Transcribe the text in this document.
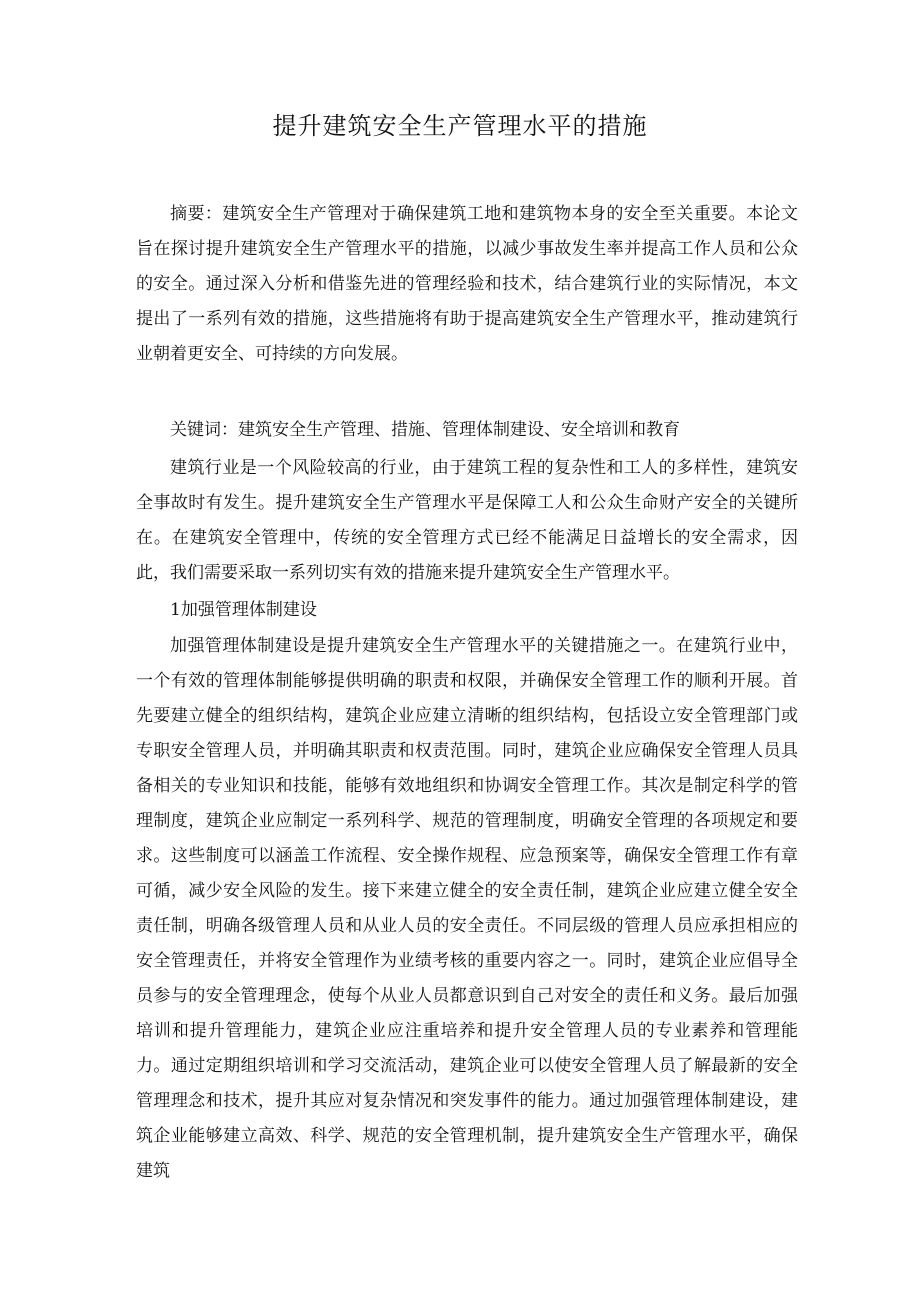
提升建筑安全生产管理水平的措施

摘要：建筑安全生产管理对于确保建筑工地和建筑物本身的安全至关重要。本论文旨在探讨提升建筑安全生产管理水平的措施，以减少事故发生率并提高工作人员和公众的安全。通过深入分析和借鉴先进的管理经验和技术，结合建筑行业的实际情况，本文提出了一系列有效的措施，这些措施将有助于提高建筑安全生产管理水平，推动建筑行业朝着更安全、可持续的方向发展。

关键词：建筑安全生产管理、措施、管理体制建设、安全培训和教育

建筑行业是一个风险较高的行业，由于建筑工程的复杂性和工人的多样性，建筑安全事故时有发生。提升建筑安全生产管理水平是保障工人和公众生命财产安全的关键所在。在建筑安全管理中，传统的安全管理方式已经不能满足日益增长的安全需求，因此，我们需要采取一系列切实有效的措施来提升建筑安全生产管理水平。

1加强管理体制建设

加强管理体制建设是提升建筑安全生产管理水平的关键措施之一。在建筑行业中，一个有效的管理体制能够提供明确的职责和权限，并确保安全管理工作的顺利开展。首先要建立健全的组织结构，建筑企业应建立清晰的组织结构，包括设立安全管理部门或专职安全管理人员，并明确其职责和权责范围。同时，建筑企业应确保安全管理人员具备相关的专业知识和技能，能够有效地组织和协调安全管理工作。其次是制定科学的管理制度，建筑企业应制定一系列科学、规范的管理制度，明确安全管理的各项规定和要求。这些制度可以涵盖工作流程、安全操作规程、应急预案等，确保安全管理工作有章可循，减少安全风险的发生。接下来建立健全的安全责任制，建筑企业应建立健全安全责任制，明确各级管理人员和从业人员的安全责任。不同层级的管理人员应承担相应的安全管理责任，并将安全管理作为业绩考核的重要内容之一。同时，建筑企业应倡导全员参与的安全管理理念，使每个从业人员都意识到自己对安全的责任和义务。最后加强培训和提升管理能力，建筑企业应注重培养和提升安全管理人员的专业素养和管理能力。通过定期组织培训和学习交流活动，建筑企业可以使安全管理人员了解最新的安全管理理念和技术，提升其应对复杂情况和突发事件的能力。通过加强管理体制建设，建筑企业能够建立高效、科学、规范的安全管理机制，提升建筑安全生产管理水平，确保建筑
